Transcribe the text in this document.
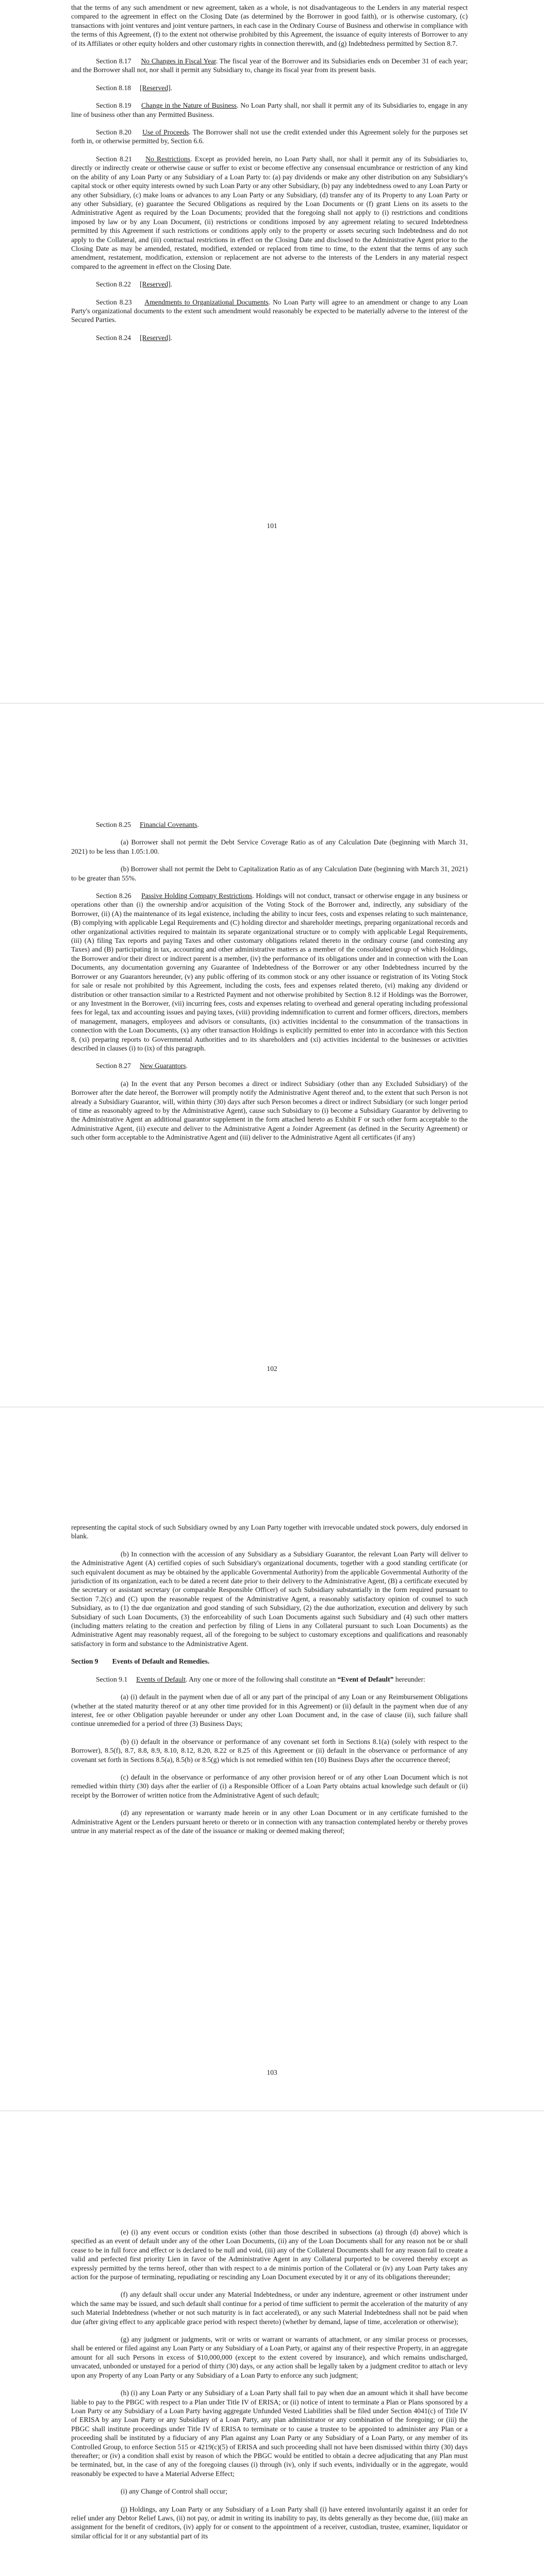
that the terms of any such amendment or new agreement, taken as a whole, is not disadvantageous to the Lenders in any material respect compared to the agreement in effect on the Closing Date (as determined by the Borrower in good faith), or is otherwise customary, (c) transactions with joint ventures and joint venture partners, in each case in the Ordinary Course of Business and otherwise in compliance with the terms of this Agreement, (f) to the extent not otherwise prohibited by this Agreement, the issuance of equity interests of Borrower to any of its Affiliates or other equity holders and other customary rights in connection therewith, and (g) Indebtedness permitted by Section 8.7.

Section 8.17 No Changes in Fiscal Year. The fiscal year of the Borrower and its Subsidiaries ends on December 31 of each year; and the Borrower shall not, nor shall it permit any Subsidiary to, change its fiscal year from its present basis.

Section 8.18 [Reserved].

Section 8.19 Change in the Nature of Business. No Loan Party shall, nor shall it permit any of its Subsidiaries to, engage in any line of business other than any Permitted Business.

Section 8.20 Use of Proceeds. The Borrower shall not use the credit extended under this Agreement solely for the purposes set forth in, or otherwise permitted by, Section 6.6.

Section 8.21 No Restrictions. Except as provided herein, no Loan Party shall, nor shall it permit any of its Subsidiaries to, directly or indirectly create or otherwise cause or suffer to exist or become effective any consensual encumbrance or restriction of any kind on the ability of any Loan Party or any Subsidiary of a Loan Party to: (a) pay dividends or make any other distribution on any Subsidiary's capital stock or other equity interests owned by such Loan Party or any other Subsidiary, (b) pay any indebtedness owed to any Loan Party or any other Subsidiary, (c) make loans or advances to any Loan Party or any Subsidiary, (d) transfer any of its Property to any Loan Party or any other Subsidiary, (e) guarantee the Secured Obligations as required by the Loan Documents or (f) grant Liens on its assets to the Administrative Agent as required by the Loan Documents; provided that the foregoing shall not apply to (i) restrictions and conditions imposed by law or by any Loan Document, (ii) restrictions or conditions imposed by any agreement relating to secured Indebtedness permitted by this Agreement if such restrictions or conditions apply only to the property or assets securing such Indebtedness and do not apply to the Collateral, and (iii) contractual restrictions in effect on the Closing Date and disclosed to the Administrative Agent prior to the Closing Date as may be amended, restated, modified, extended or replaced from time to time, to the extent that the terms of any such amendment, restatement, modification, extension or replacement are not adverse to the interests of the Lenders in any material respect compared to the agreement in effect on the Closing Date.

Section 8.22 [Reserved].

Section 8.23 Amendments to Organizational Documents. No Loan Party will agree to an amendment or change to any Loan Party's organizational documents to the extent such amendment would reasonably be expected to be materially adverse to the interest of the Secured Parties.

Section 8.24 [Reserved].

101

Section 8.25 Financial Covenants.

(a) Borrower shall not permit the Debt Service Coverage Ratio as of any Calculation Date (beginning with March 31, 2021) to be less than 1.05:1.00.

(b) Borrower shall not permit the Debt to Capitalization Ratio as of any Calculation Date (beginning with March 31, 2021) to be greater than 55%.

Section 8.26 Passive Holding Company Restrictions. Holdings will not conduct, transact or otherwise engage in any business or operations other than (i) the ownership and/or acquisition of the Voting Stock of the Borrower and, indirectly, any subsidiary of the Borrower, (ii) (A) the maintenance of its legal existence, including the ability to incur fees, costs and expenses relating to such maintenance, (B) complying with applicable Legal Requirements and (C) holding director and shareholder meetings, preparing organizational records and other organizational activities required to maintain its separate organizational structure or to comply with applicable Legal Requirements, (iii) (A) filing Tax reports and paying Taxes and other customary obligations related thereto in the ordinary course (and contesting any Taxes) and (B) participating in tax, accounting and other administrative matters as a member of the consolidated group of which Holdings, the Borrower and/or their direct or indirect parent is a member, (iv) the performance of its obligations under and in connection with the Loan Documents, any documentation governing any Guarantee of Indebtedness of the Borrower or any other Indebtedness incurred by the Borrower or any Guarantors hereunder, (v) any public offering of its common stock or any other issuance or registration of its Voting Stock for sale or resale not prohibited by this Agreement, including the costs, fees and expenses related thereto, (vi) making any dividend or distribution or other transaction similar to a Restricted Payment and not otherwise prohibited by Section 8.12 if Holdings was the Borrower, or any Investment in the Borrower, (vii) incurring fees, costs and expenses relating to overhead and general operating including professional fees for legal, tax and accounting issues and paying taxes, (viii) providing indemnification to current and former officers, directors, members of management, managers, employees and advisors or consultants, (ix) activities incidental to the consummation of the transactions in connection with the Loan Documents, (x) any other transaction Holdings is explicitly permitted to enter into in accordance with this Section 8, (xi) preparing reports to Governmental Authorities and to its shareholders and (xi) activities incidental to the businesses or activities described in clauses (i) to (ix) of this paragraph.

Section 8.27 New Guarantors.

(a) In the event that any Person becomes a direct or indirect Subsidiary (other than any Excluded Subsidiary) of the Borrower after the date hereof, the Borrower will promptly notify the Administrative Agent thereof and, to the extent that such Person is not already a Subsidiary Guarantor, will, within thirty (30) days after such Person becomes a direct or indirect Subsidiary (or such longer period of time as reasonably agreed to by the Administrative Agent), cause such Subsidiary to (i) become a Subsidiary Guarantor by delivering to the Administrative Agent an additional guarantor supplement in the form attached hereto as Exhibit F or such other form acceptable to the Administrative Agent, (ii) execute and deliver to the Administrative Agent a Joinder Agreement (as defined in the Security Agreement) or such other form acceptable to the Administrative Agent and (iii) deliver to the Administrative Agent all certificates (if any)

102

representing the capital stock of such Subsidiary owned by any Loan Party together with irrevocable undated stock powers, duly endorsed in blank.

(b) In connection with the accession of any Subsidiary as a Subsidiary Guarantor, the relevant Loan Party will deliver to the Administrative Agent (A) certified copies of such Subsidiary's organizational documents, together with a good standing certificate (or such equivalent document as may be obtained by the applicable Governmental Authority) from the applicable Governmental Authority of the jurisdiction of its organization, each to be dated a recent date prior to their delivery to the Administrative Agent, (B) a certificate executed by the secretary or assistant secretary (or comparable Responsible Officer) of such Subsidiary substantially in the form required pursuant to Section 7.2(c) and (C) upon the reasonable request of the Administrative Agent, a reasonably satisfactory opinion of counsel to such Subsidiary, as to (1) the due organization and good standing of such Subsidiary, (2) the due authorization, execution and delivery by such Subsidiary of such Loan Documents, (3) the enforceability of such Loan Documents against such Subsidiary and (4) such other matters (including matters relating to the creation and perfection by filing of Liens in any Collateral pursuant to such Loan Documents) as the Administrative Agent may reasonably request, all of the foregoing to be subject to customary exceptions and qualifications and reasonably satisfactory in form and substance to the Administrative Agent.

Section 9 Events of Default and Remedies.

Section 9.1 Events of Default. Any one or more of the following shall constitute an “Event of Default” hereunder:

(a) (i) default in the payment when due of all or any part of the principal of any Loan or any Reimbursement Obligations (whether at the stated maturity thereof or at any other time provided for in this Agreement) or (ii) default in the payment when due of any interest, fee or other Obligation payable hereunder or under any other Loan Document and, in the case of clause (ii), such failure shall continue unremedied for a period of three (3) Business Days;

(b) (i) default in the observance or performance of any covenant set forth in Sections 8.1(a) (solely with respect to the Borrower), 8.5(f), 8.7, 8.8, 8.9, 8.10, 8.12, 8.20, 8.22 or 8.25 of this Agreement or (ii) default in the observance or performance of any covenant set forth in Sections 8.5(a), 8.5(b) or 8.5(g) which is not remedied within ten (10) Business Days after the occurrence thereof;

(c) default in the observance or performance of any other provision hereof or of any other Loan Document which is not remedied within thirty (30) days after the earlier of (i) a Responsible Officer of a Loan Party obtains actual knowledge such default or (ii) receipt by the Borrower of written notice from the Administrative Agent of such default;

(d) any representation or warranty made herein or in any other Loan Document or in any certificate furnished to the Administrative Agent or the Lenders pursuant hereto or thereto or in connection with any transaction contemplated hereby or thereby proves untrue in any material respect as of the date of the issuance or making or deemed making thereof;

103

(e) (i) any event occurs or condition exists (other than those described in subsections (a) through (d) above) which is specified as an event of default under any of the other Loan Documents, (ii) any of the Loan Documents shall for any reason not be or shall cease to be in full force and effect or is declared to be null and void, (iii) any of the Collateral Documents shall for any reason fail to create a valid and perfected first priority Lien in favor of the Administrative Agent in any Collateral purported to be covered thereby except as expressly permitted by the terms hereof, other than with respect to a de minimis portion of the Collateral or (iv) any Loan Party takes any action for the purpose of terminating, repudiating or rescinding any Loan Document executed by it or any of its obligations thereunder;

(f) any default shall occur under any Material Indebtedness, or under any indenture, agreement or other instrument under which the same may be issued, and such default shall continue for a period of time sufficient to permit the acceleration of the maturity of any such Material Indebtedness (whether or not such maturity is in fact accelerated), or any such Material Indebtedness shall not be paid when due (after giving effect to any applicable grace period with respect thereto) (whether by demand, lapse of time, acceleration or otherwise);

(g) any judgment or judgments, writ or writs or warrant or warrants of attachment, or any similar process or processes, shall be entered or filed against any Loan Party or any Subsidiary of a Loan Party, or against any of their respective Property, in an aggregate amount for all such Persons in excess of $10,000,000 (except to the extent covered by insurance), and which remains undischarged, unvacated, unbonded or unstayed for a period of thirty (30) days, or any action shall be legally taken by a judgment creditor to attach or levy upon any Property of any Loan Party or any Subsidiary of a Loan Party to enforce any such judgment;

(h) (i) any Loan Party or any Subsidiary of a Loan Party shall fail to pay when due an amount which it shall have become liable to pay to the PBGC with respect to a Plan under Title IV of ERISA; or (ii) notice of intent to terminate a Plan or Plans sponsored by a Loan Party or any Subsidiary of a Loan Party having aggregate Unfunded Vested Liabilities shall be filed under Section 4041(c) of Title IV of ERISA by any Loan Party or any Subsidiary of a Loan Party, any plan administrator or any combination of the foregoing; or (iii) the PBGC shall institute proceedings under Title IV of ERISA to terminate or to cause a trustee to be appointed to administer any Plan or a proceeding shall be instituted by a fiduciary of any Plan against any Loan Party or any Subsidiary of a Loan Party, or any member of its Controlled Group, to enforce Section 515 or 4219(c)(5) of ERISA and such proceeding shall not have been dismissed within thirty (30) days thereafter; or (iv) a condition shall exist by reason of which the PBGC would be entitled to obtain a decree adjudicating that any Plan must be terminated, but, in the case of any of the foregoing clauses (i) through (iv), only if such events, individually or in the aggregate, would reasonably be expected to have a Material Adverse Effect;

(i) any Change of Control shall occur;

(j) Holdings, any Loan Party or any Subsidiary of a Loan Party shall (i) have entered involuntarily against it an order for relief under any Debtor Relief Laws, (ii) not pay, or admit in writing its inability to pay, its debts generally as they become due, (iii) make an assignment for the benefit of creditors, (iv) apply for or consent to the appointment of a receiver, custodian, trustee, examiner, liquidator or similar official for it or any substantial part of its
